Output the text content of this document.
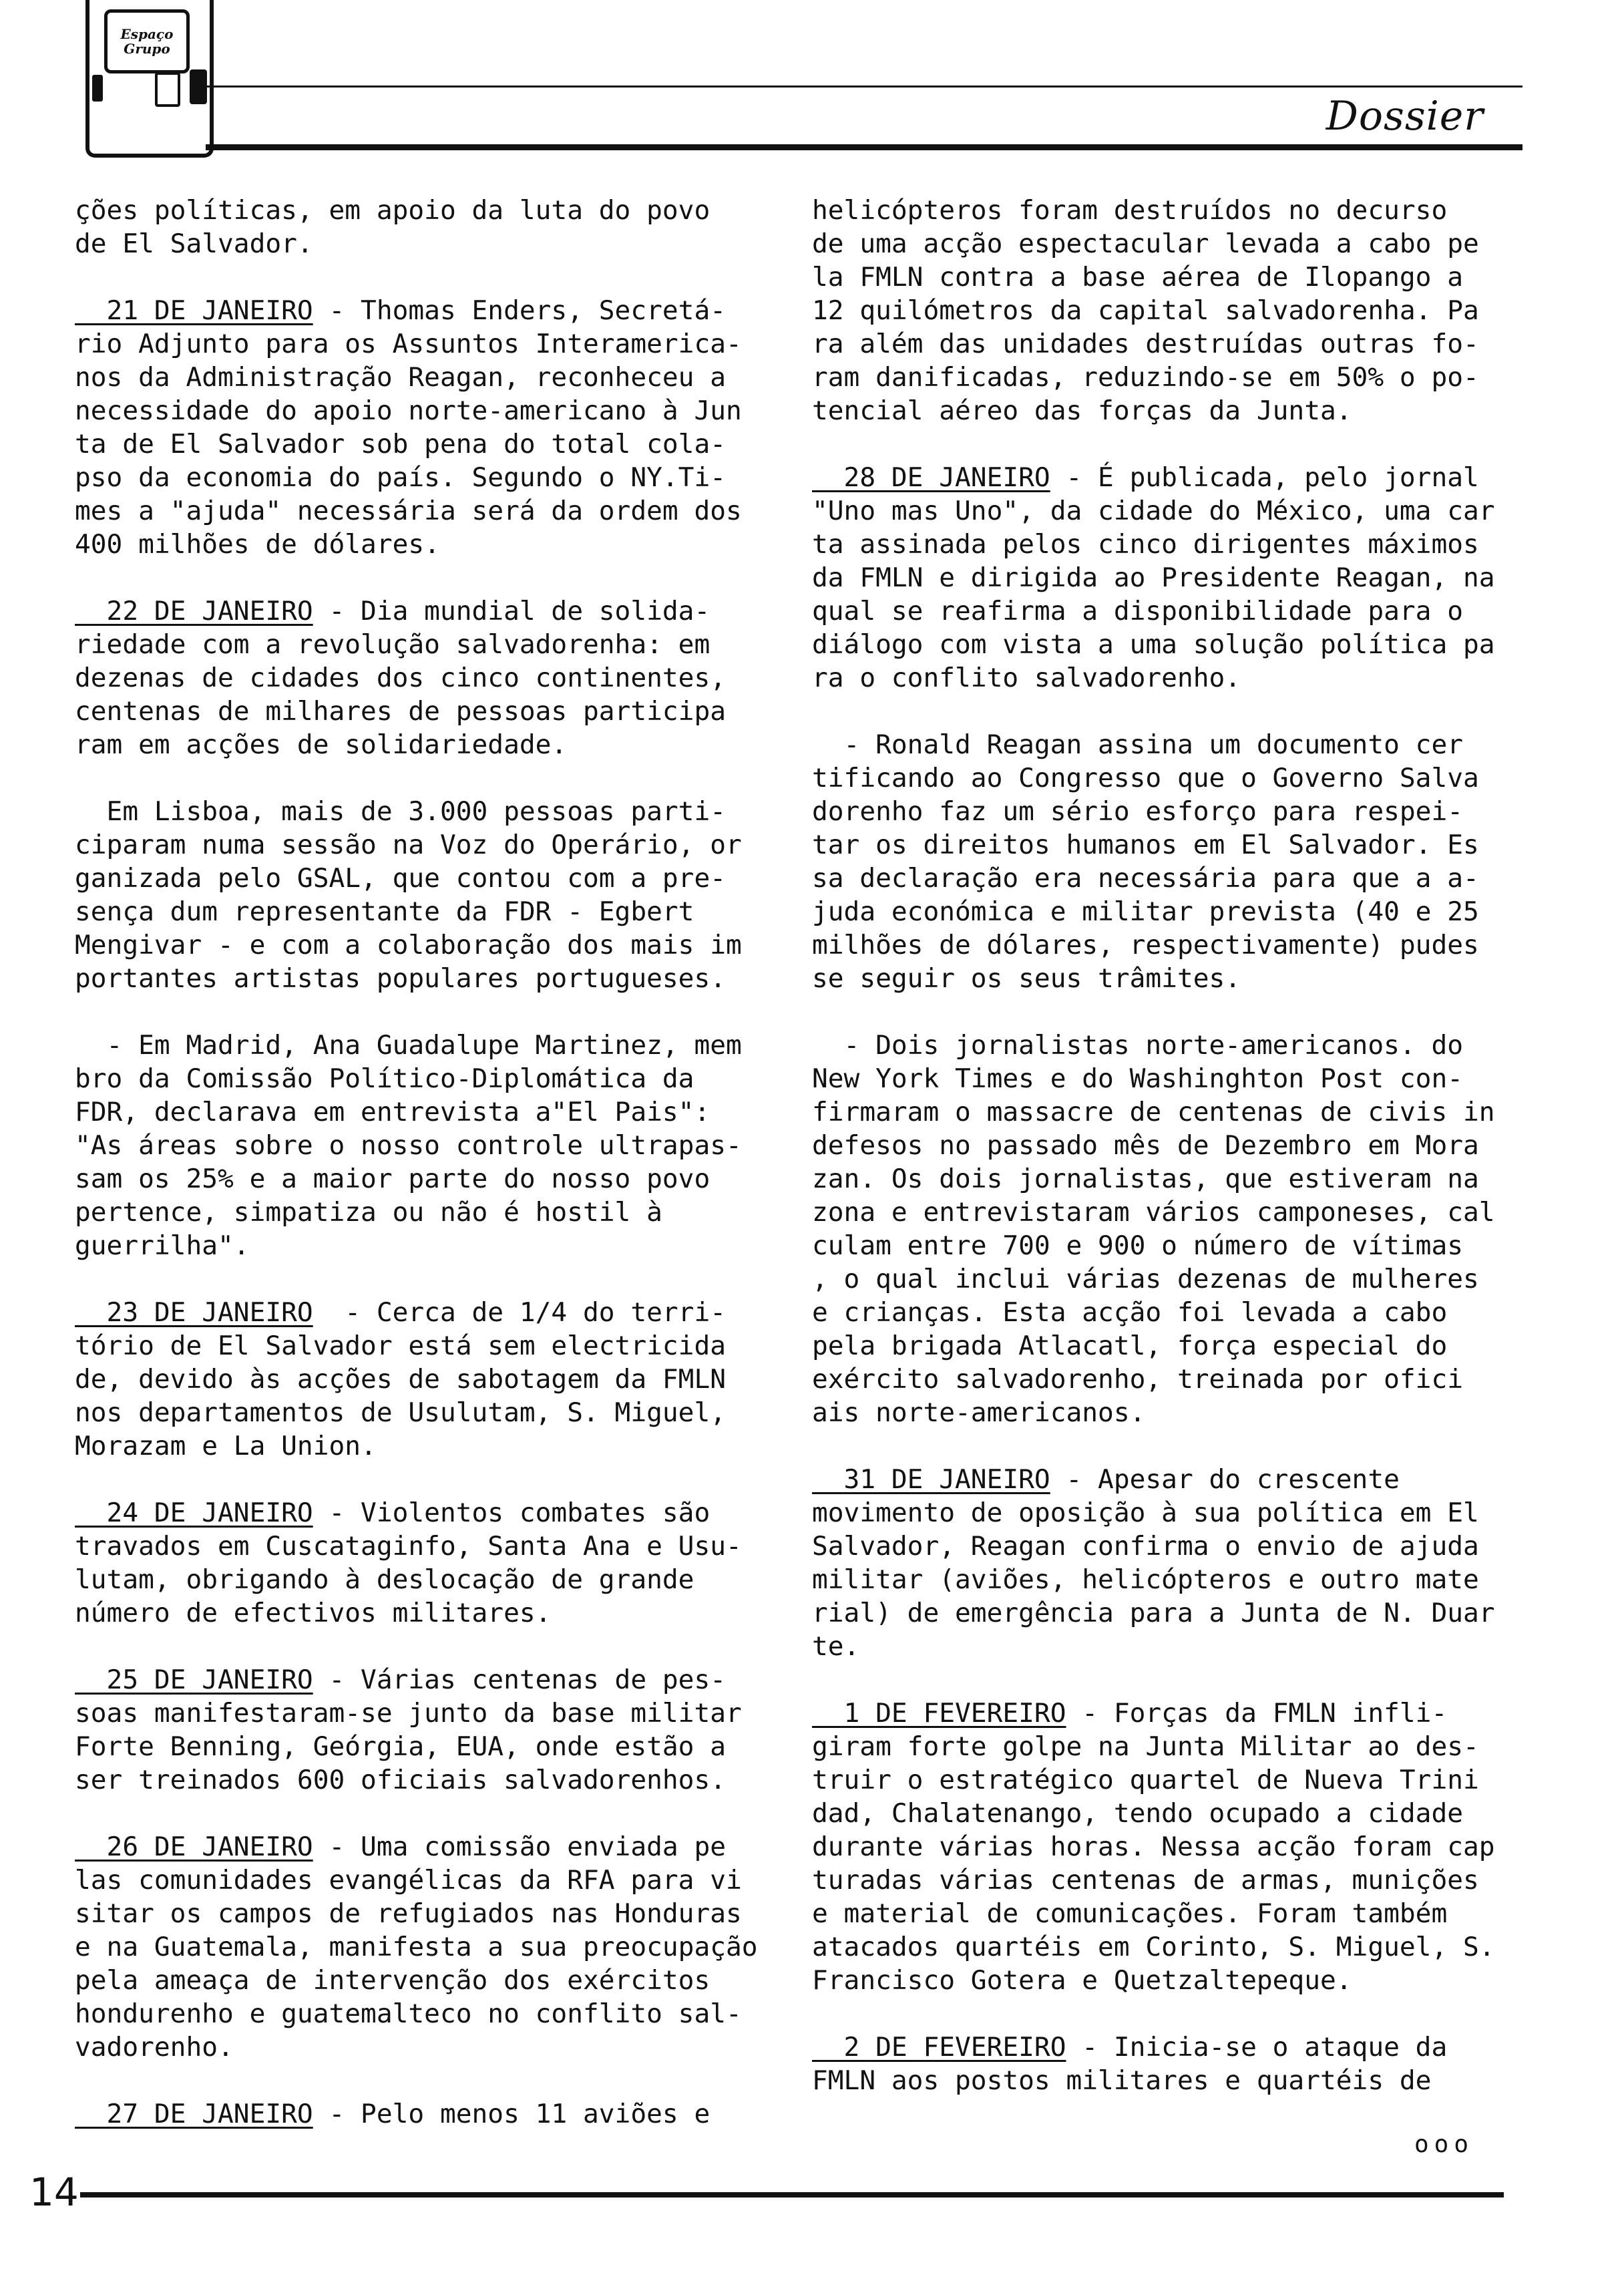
Espaço
Grupo
Dossier

ções políticas, em apoio da luta do povo
de El Salvador.

21 DE JANEIRO - Thomas Enders, Secretá-
rio Adjunto para os Assuntos Interamerica-
nos da Administração Reagan, reconheceu a
necessidade do apoio norte-americano à Jun
ta de El Salvador sob pena do total cola-
pso da economia do país. Segundo o NY.Ti-
mes a "ajuda" necessária será da ordem dos
400 milhões de dólares.

22 DE JANEIRO - Dia mundial de solida-
riedade com a revolução salvadorenha: em
dezenas de cidades dos cinco continentes,
centenas de milhares de pessoas participa
ram em acções de solidariedade.

Em Lisboa, mais de 3.000 pessoas parti-
ciparam numa sessão na Voz do Operário, or
ganizada pelo GSAL, que contou com a pre-
sença dum representante da FDR - Egbert
Mengivar - e com a colaboração dos mais im
portantes artistas populares portugueses.

- Em Madrid, Ana Guadalupe Martinez, mem
bro da Comissão Político-Diplomática da
FDR, declarava em entrevista a"El Pais":
"As áreas sobre o nosso controle ultrapas-
sam os 25% e a maior parte do nosso povo
pertence, simpatiza ou não é hostil à
guerrilha".

23 DE JANEIRO  - Cerca de 1/4 do terri-
tório de El Salvador está sem electricida
de, devido às acções de sabotagem da FMLN
nos departamentos de Usulutam, S. Miguel,
Morazam e La Union.

24 DE JANEIRO - Violentos combates são
travados em Cuscataginfo, Santa Ana e Usu-
lutam, obrigando à deslocação de grande
número de efectivos militares.

25 DE JANEIRO - Várias centenas de pes-
soas manifestaram-se junto da base militar
Forte Benning, Geórgia, EUA, onde estão a
ser treinados 600 oficiais salvadorenhos.

26 DE JANEIRO - Uma comissão enviada pe
las comunidades evangélicas da RFA para vi
sitar os campos de refugiados nas Honduras
e na Guatemala, manifesta a sua preocupação
pela ameaça de intervenção dos exércitos
hondurenho e guatemalteco no conflito sal-
vadorenho.

27 DE JANEIRO - Pelo menos 11 aviões e

helicópteros foram destruídos no decurso
de uma acção espectacular levada a cabo pe
la FMLN contra a base aérea de Ilopango a
12 quilómetros da capital salvadorenha. Pa
ra além das unidades destruídas outras fo-
ram danificadas, reduzindo-se em 50% o po-
tencial aéreo das forças da Junta.

28 DE JANEIRO - É publicada, pelo jornal
"Uno mas Uno", da cidade do México, uma car
ta assinada pelos cinco dirigentes máximos
da FMLN e dirigida ao Presidente Reagan, na
qual se reafirma a disponibilidade para o
diálogo com vista a uma solução política pa
ra o conflito salvadorenho.

- Ronald Reagan assina um documento cer
tificando ao Congresso que o Governo Salva
dorenho faz um sério esforço para respei-
tar os direitos humanos em El Salvador. Es
sa declaração era necessária para que a a-
juda económica e militar prevista (40 e 25
milhões de dólares, respectivamente) pudes
se seguir os seus trâmites.

- Dois jornalistas norte-americanos. do
New York Times e do Washinghton Post con-
firmaram o massacre de centenas de civis in
defesos no passado mês de Dezembro em Mora
zan. Os dois jornalistas, que estiveram na
zona e entrevistaram vários camponeses, cal
culam entre 700 e 900 o número de vítimas
, o qual inclui várias dezenas de mulheres
e crianças. Esta acção foi levada a cabo
pela brigada Atlacatl, força especial do
exército salvadorenho, treinada por ofici
ais norte-americanos.

31 DE JANEIRO - Apesar do crescente
movimento de oposição à sua política em El
Salvador, Reagan confirma o envio de ajuda
militar (aviões, helicópteros e outro mate
rial) de emergência para a Junta de N. Duar
te.

1 DE FEVEREIRO - Forças da FMLN infli-
giram forte golpe na Junta Militar ao des-
truir o estratégico quartel de Nueva Trini
dad, Chalatenango, tendo ocupado a cidade
durante várias horas. Nessa acção foram cap
turadas várias centenas de armas, munições
e material de comunicações. Foram também
atacados quartéis em Corinto, S. Miguel, S.
Francisco Gotera e Quetzaltepeque.

2 DE FEVEREIRO - Inicia-se o ataque da
FMLN aos postos militares e quartéis de

ooo
14
